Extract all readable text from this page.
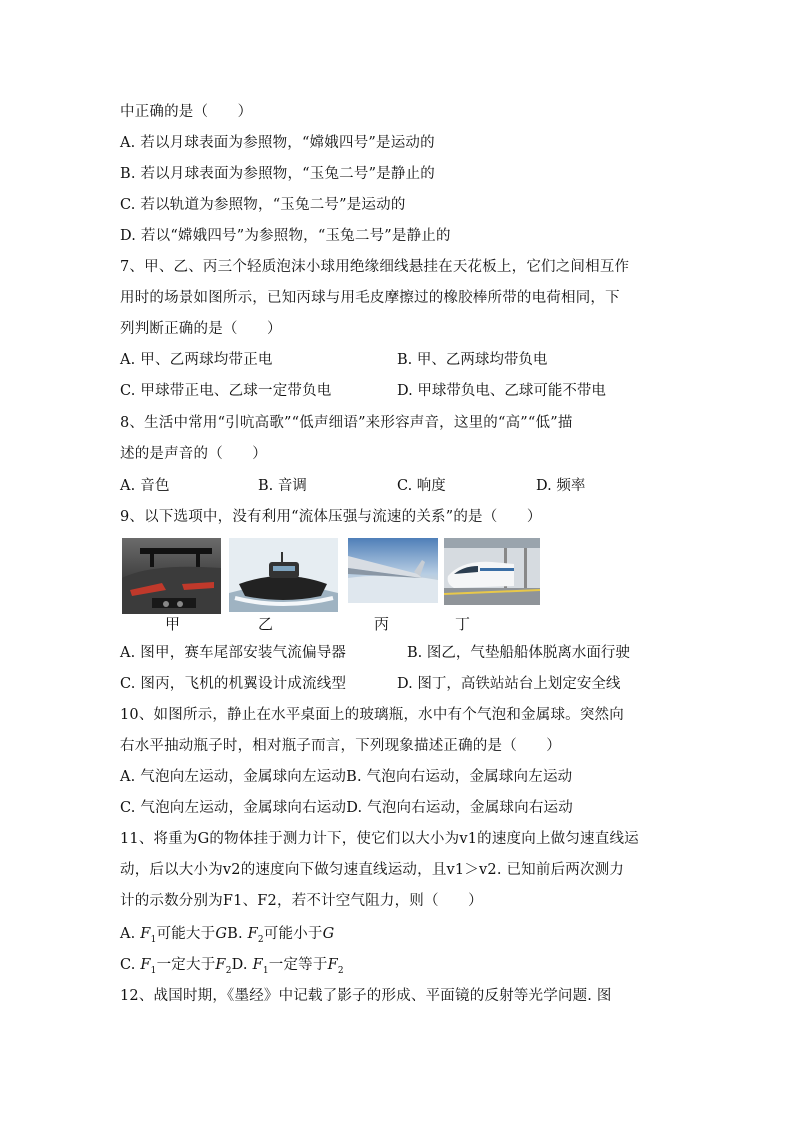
中正确的是（　　）
A. 若以月球表面为参照物，“嫦娥四号”是运动的
B. 若以月球表面为参照物，“玉兔二号”是静止的
C. 若以轨道为参照物，“玉兔二号”是运动的
D. 若以“嫦娥四号”为参照物，“玉兔二号”是静止的
7、甲、乙、丙三个轻质泡沫小球用绝缘细线悬挂在天花板上，它们之间相互作
用时的场景如图所示，已知丙球与用毛皮摩擦过的橡胶棒所带的电荷相同，下
列判断正确的是（　　）
A. 甲、乙两球均带正电	B. 甲、乙两球均带负电
C. 甲球带正电、乙球一定带负电	D. 甲球带负电、乙球可能不带电
8、生活中常用“引吭高歌”“低声细语”来形容声音，这里的“高”“低”描
述的是声音的（　　）
A. 音色	B. 音调	C. 响度	D. 频率
9、以下选项中，没有利用“流体压强与流速的关系”的是（　　）
甲	乙	丙	丁
A. 图甲，赛车尾部安装气流偏导器	B. 图乙，气垫船船体脱离水面行驶
C. 图丙，飞机的机翼设计成流线型	D. 图丁，高铁站站台上划定安全线
10、如图所示，静止在水平桌面上的玻璃瓶，水中有个气泡和金属球。突然向
右水平抽动瓶子时，相对瓶子而言，下列现象描述正确的是（　　）
A. 气泡向左运动，金属球向左运动B. 气泡向右运动，金属球向左运动
C. 气泡向左运动，金属球向右运动D. 气泡向右运动，金属球向右运动
11、将重为G的物体挂于测力计下，使它们以大小为v1的速度向上做匀速直线运
动，后以大小为v2的速度向下做匀速直线运动，且v1＞v2. 已知前后两次测力
计的示数分别为F1、F2，若不计空气阻力，则（　　）
A. $F_1$可能大于GB. $F_2$可能小于G
C. $F_1$一定大于$F_2D$. $F_1$一定等于$F_2$
12、战国时期，《墨经》中记载了影子的形成、平面镜的反射等光学问题. 图
